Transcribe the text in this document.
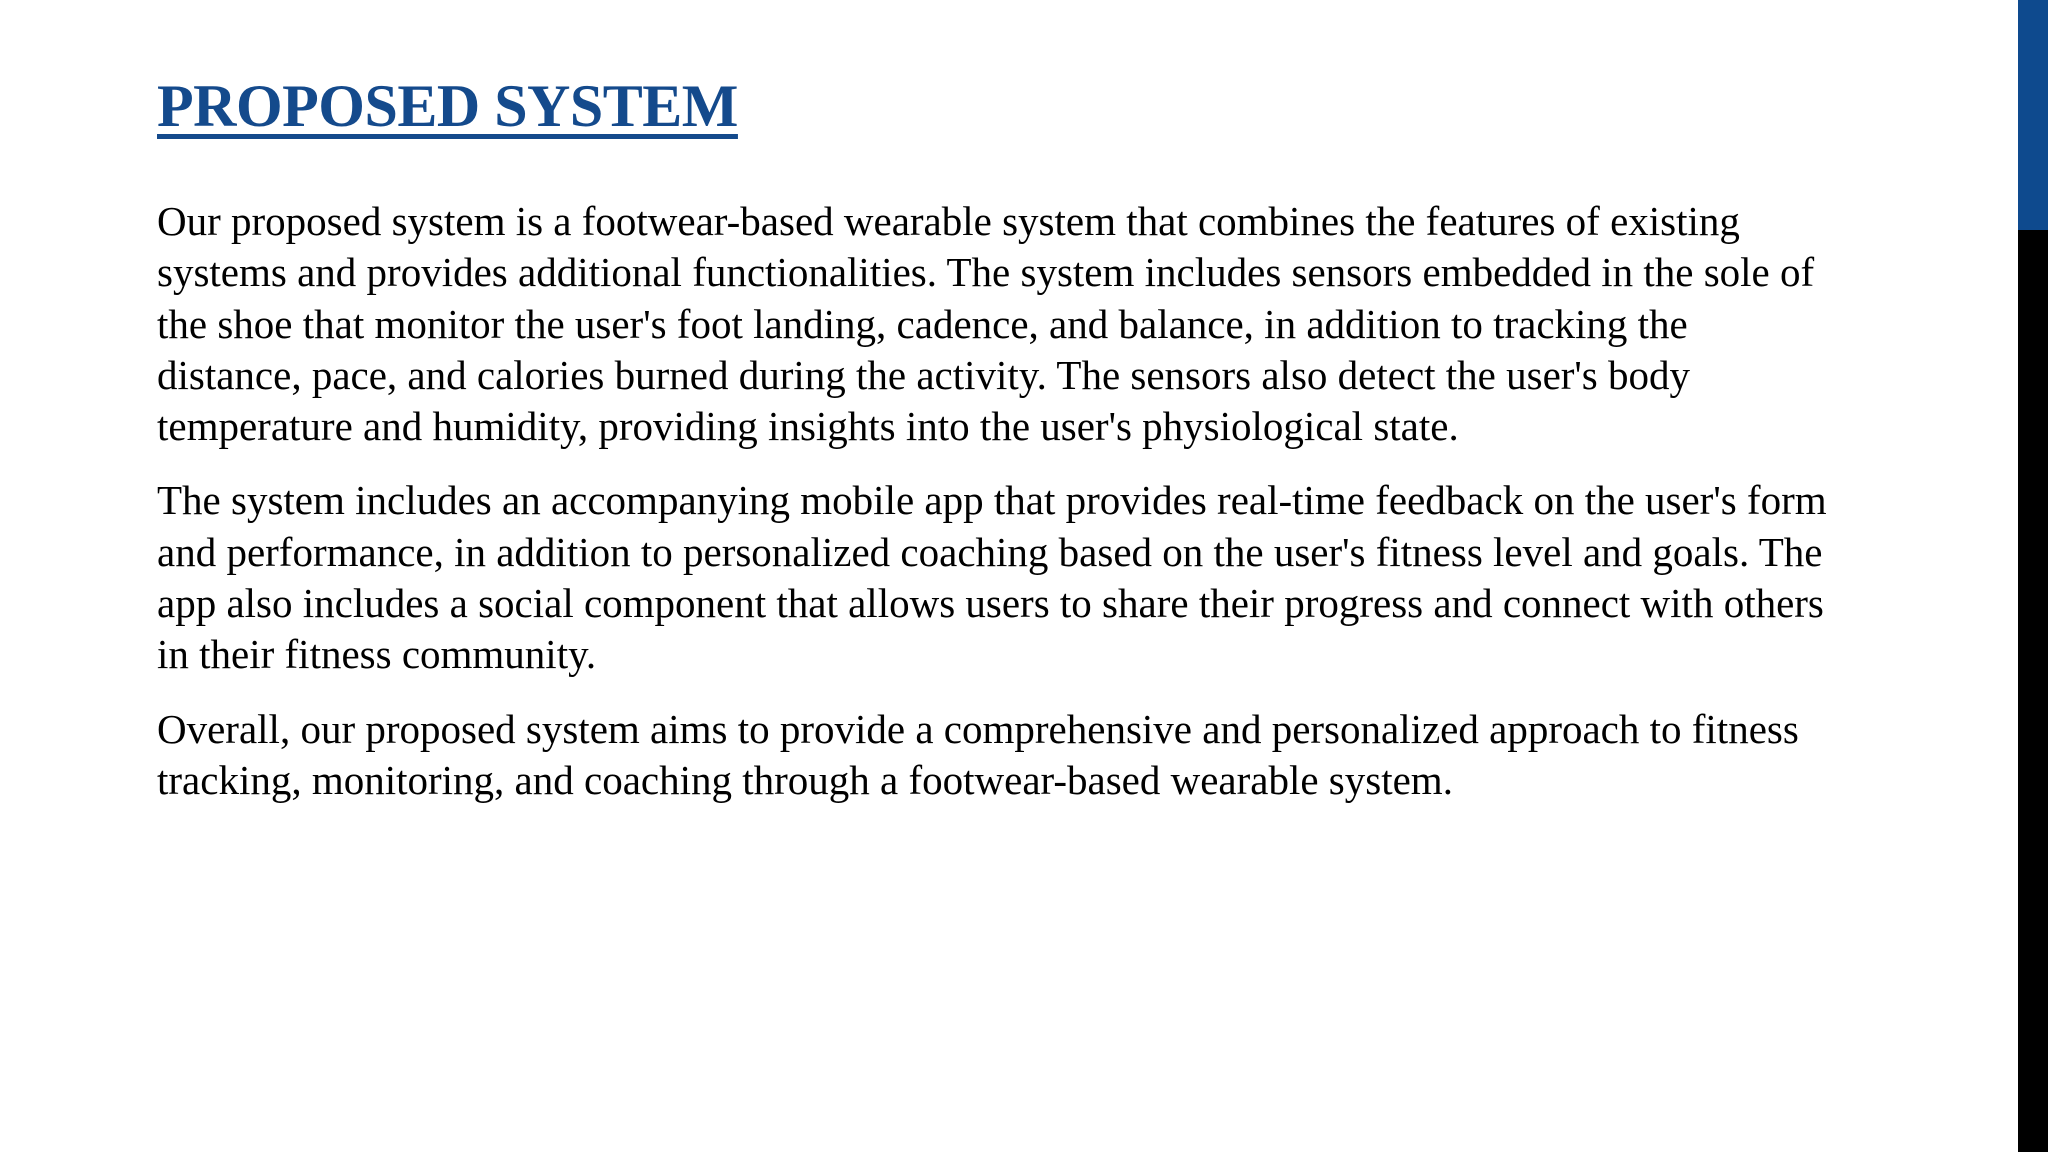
PROPOSED SYSTEM

Our proposed system is a footwear-based wearable system that combines the features of existing
systems and provides additional functionalities. The system includes sensors embedded in the sole of
the shoe that monitor the user's foot landing, cadence, and balance, in addition to tracking the
distance, pace, and calories burned during the activity. The sensors also detect the user's body
temperature and humidity, providing insights into the user's physiological state.

The system includes an accompanying mobile app that provides real-time feedback on the user's form
and performance, in addition to personalized coaching based on the user's fitness level and goals. The
app also includes a social component that allows users to share their progress and connect with others
in their fitness community.

Overall, our proposed system aims to provide a comprehensive and personalized approach to fitness
tracking, monitoring, and coaching through a footwear-based wearable system.
